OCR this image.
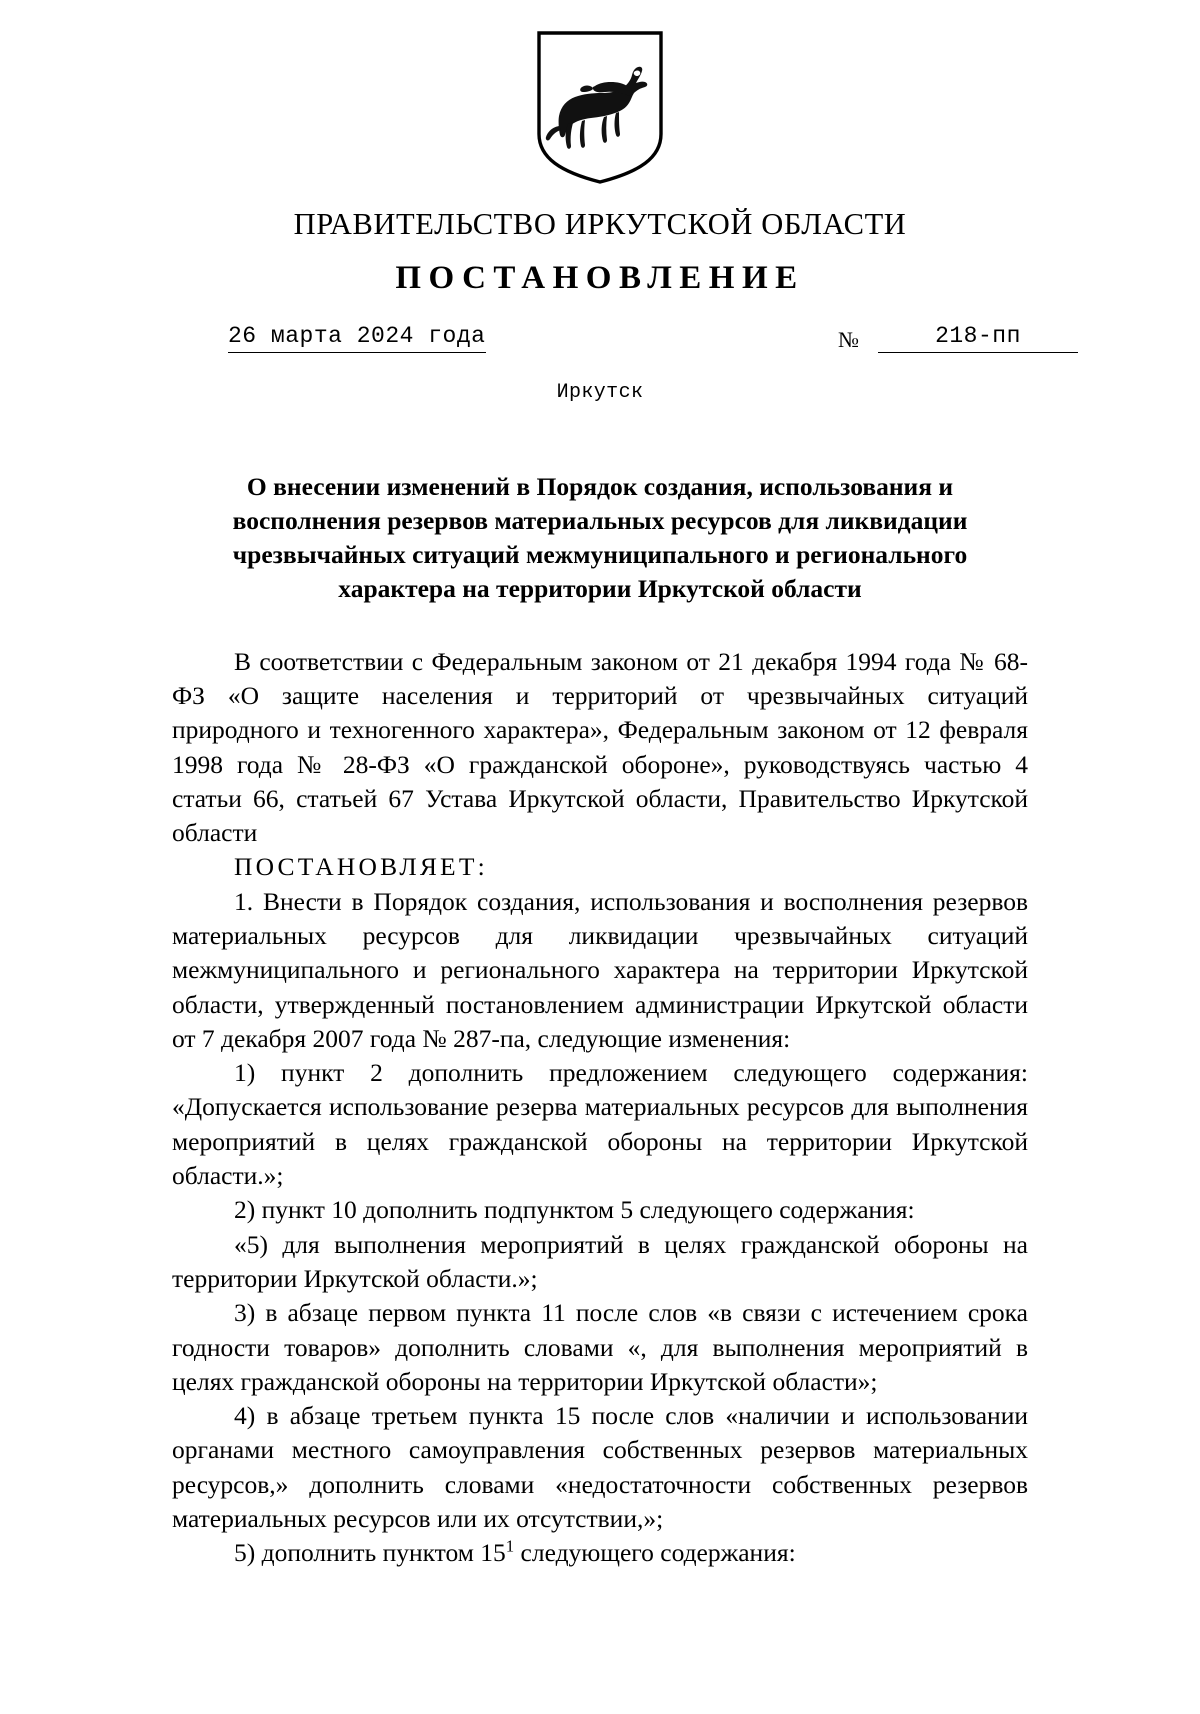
ПРАВИТЕЛЬСТВО ИРКУТСКОЙ ОБЛАСТИ
ПОСТАНОВЛЕНИЕ
26 марта 2024 года	№	218-пп
Иркутск
О внесении изменений в Порядок создания, использования и восполнения резервов материальных ресурсов для ликвидации чрезвычайных ситуаций межмуниципального и регионального характера на территории Иркутской области

В соответствии с Федеральным законом от 21 декабря 1994 года № 68-ФЗ «О защите населения и территорий от чрезвычайных ситуаций природного и техногенного характера», Федеральным законом от 12 февраля 1998 года № 28-ФЗ «О гражданской обороне», руководствуясь частью 4 статьи 66, статьей 67 Устава Иркутской области, Правительство Иркутской области

ПОСТАНОВЛЯЕТ:

1. Внести в Порядок создания, использования и восполнения резервов материальных ресурсов для ликвидации чрезвычайных ситуаций межмуниципального и регионального характера на территории Иркутской области, утвержденный постановлением администрации Иркутской области от 7 декабря 2007 года № 287-па, следующие изменения:

1) пункт 2 дополнить предложением следующего содержания: «Допускается использование резерва материальных ресурсов для выполнения мероприятий в целях гражданской обороны на территории Иркутской области.»;

2) пункт 10 дополнить подпунктом 5 следующего содержания:

«5) для выполнения мероприятий в целях гражданской обороны на территории Иркутской области.»;

3) в абзаце первом пункта 11 после слов «в связи с истечением срока годности товаров» дополнить словами «, для выполнения мероприятий в целях гражданской обороны на территории Иркутской области»;

4) в абзаце третьем пункта 15 после слов «наличии и использовании органами местного самоуправления собственных резервов материальных ресурсов,» дополнить словами «недостаточности собственных резервов материальных ресурсов или их отсутствии,»;

5) дополнить пунктом $15^1$ следующего содержания:
